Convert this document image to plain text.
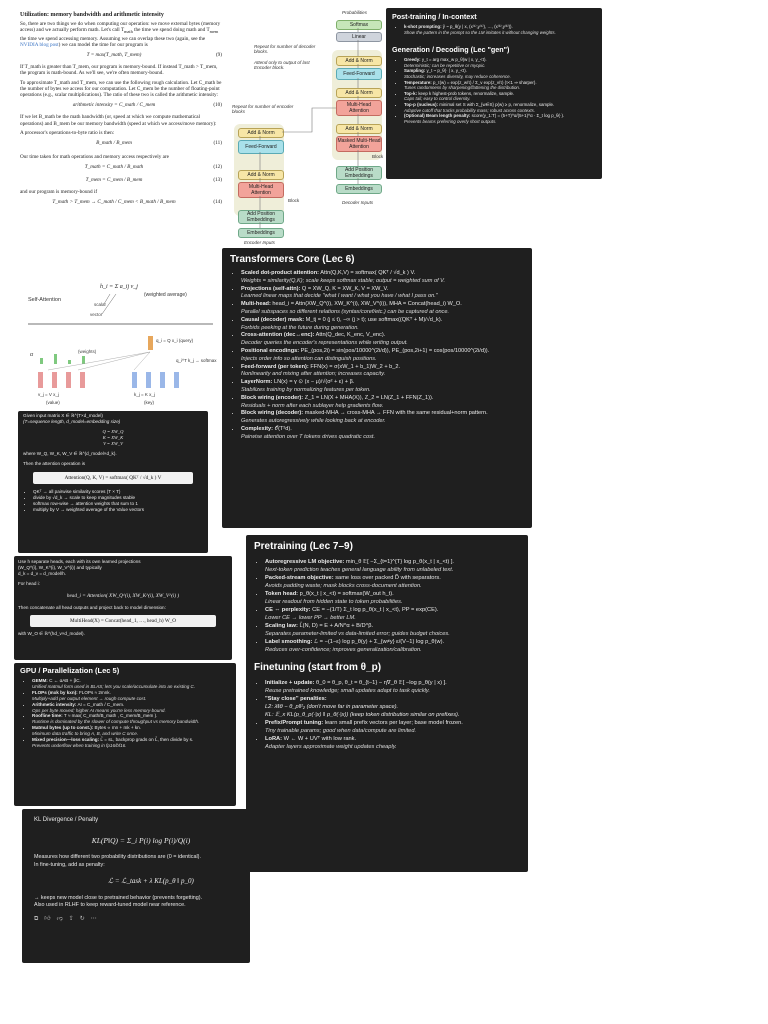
Utilization: memory bandwidth and arithmetic intensity

So, there are two things we do when computing our operation: we move external bytes (memory access) and we actually perform math. Let's call $T_{math}$ the time we spend doing math and $T_{mem}$ the time we spend accessing memory. Assuming we can overlap these two (again, see the NVIDIA blog post) we can model the time for our program is

T = max(T_math, T_mem)	(9)

If T_math is greater than T_mem, our program is memory-bound. If instead T_math > T_mem, the program is math-bound. As we'll see, we're often memory-bound.

To approximate T_math and T_mem, we can use the following rough calculation. Let C_math be the number of bytes we access for our computation. Let C_mem be the number of floating-point operations (e.g., scalar multiplications). The ratio of these two is called the arithmetic intensity:

arithmetic intensity = C_math / C_mem	(10)

If we let B_math be the math bandwidth (or, speed at which we compute mathematical operations) and B_mem be our memory bandwidth (speed at which we access/move memory):

A processor's operations-to-byte ratio is then:

B_math / B_mem	(11)

Our time taken for math operations and memory access respectively are

T_math = C_math / B_math	(12)
T_mem = C_mem / B_mem	(13)

and our program is memory-bound if

T_math > T_mem → C_math / C_mem < B_math / B_mem	(14)
Self-Attention
h_i = Σ a_ij v_j
(weighted average)
scalar
vector
(weights)
q_i = Q x_i (query)
q_i^T k_j → softmax
α
v_j = V x_j
(value)
k_j = K x_j
(key)
Given input matrix X ∈ ℝ^(T×d_model)
(T=sequence length, d_model=embedding size)
Q = XW_Q
K = XW_K
V = XW_V
where W_Q, W_K, W_V ∈ ℝ^(d_model×d_k).
Then the attention operation is
Attention(Q, K, V) = softmax( QKᵀ / √d_k ) V
• QKᵀ → all pairwise similarity scores (T × T)
• divide by √d_k → scale to keep magnitudes stable
• softmax row-wise → attention weights that sum to 1
• multiply by V → weighted average of the Value vectors
Use h separate heads, each with its own learned projections
(W_Q^(i), W_K^(i), W_V^(i)) and typically
d_k = d_v = d_model/h.
For head i:
head_i = Attention( XW_Q^(i), XW_K^(i), XW_V^(i) )
Then concatenate all head outputs and project back to model dimension:
MultiHead(X) = Concat(head_1, …, head_h) W_O
with W_O ∈ ℝ^(hd_v×d_model).
GPU / Parallelization (Lec 5)
• GEMM: C ← αAB + βC.
Unified matmul form used in BLAS; lets you scale/accumulate into an existing C.
• FLOPs (mxk by kxn): FLOPs ≈ 2mnk.
Multiply+add per output element → rough compute cost.
• Arithmetic intensity: AI = C_math / C_mem.
Ops per byte moved; higher AI means you're less memory-bound.
• Roofline time: T ≈ max( C_math/B_math , C_mem/B_mem ).
Runtime is dominated by the slower of compute throughput vs memory bandwidth.
• Matmul bytes (up to const.): Bytes ∝ mn + mk + kn.
Minimum data traffic to bring A, B, and write C once.
• Mixed precision—loss scaling: L̃ = sL, backprop grads on L̃, then divide by s.
Prevents underflow when training in fp16/bf16.
KL Divergence / Penalty
KL(P‖Q) = Σ_i P(i) log P(i)/Q(i)
Measures how different two probability distributions are (0 = identical).
In fine-tuning, add as penalty:
ℒ = ℒ_task + λ KL(p_θ ‖ p_0)
→ keeps new model close to pretrained behavior (prevents forgetting).
Also used in RLHF to keep reward-tuned model near reference.
⧉ 👍︎ 👎︎ ⇪ ↻ ⋯
Probabilities
Softmax
Linear
Add & Norm
Feed-Forward
Add & Norm
Multi-Head Attention
Add & Norm
Masked Multi-Head Attention
Block
Add Position Embeddings
Embeddings
Decoder Inputs
Add & Norm
Feed-Forward
Add & Norm
Multi-Head Attention
Block
Add Position Embeddings
Embeddings
Encoder Inputs
Repeat for number of decoder blocks.
Attend only to output of last Encoder block.
Repeat for number of encoder blocks
Post-training / In-context
• k-shot prompting: ŷ ~ p_θ(y | x, (x⁽¹⁾,y⁽¹⁾), …, (x⁽ᵏ⁾,y⁽ᵏ⁾)).
Show the pattern in the prompt so the LM imitates it without changing weights.
Generation / Decoding (Lec "gen")
• Greedy: y_t = arg max_w p_θ(w | x, y_<t).
Deterministic; can be repetitive or myopic.
• Sampling: y_t ~ p_θ(· | x, y_<t).
Stochastic; increases diversity, may reduce coherence.
• Temperature: p_τ(w) = exp(z_w/τ) / Σ_v exp(z_v/τ) (τ<1 ⇒ sharper).
Tunes randomness by sharpening/flattening the distribution.
• Top-k: keep k highest-prob tokens, renormalize, sample.
Caps tail; easy to control diversity.
• Top-p (nucleus): minimal set S with Σ_{w∈S} p(w) ≥ p, renormalize, sample.
Adaptive cutoff that tracks probability mass; robust across contexts.
• (Optional) Beam length penalty: score(y_1:T) = (5+T)^α/(5+1)^α · Σ_t log p_θ(·).
Prevents beams preferring overly short outputs.
Transformers Core (Lec 6)
• Scaled dot-product attention: Attn(Q,K,V) = softmax( QKᵀ / √d_k ) V.
Weights = similarity(Q,K); scale keeps softmax stable; output = weighted sum of V.
• Projections (self-attn): Q = XW_Q, K = XW_K, V = XW_V.
Learned linear maps that decide "what I want / what you have / what I pass on."
• Multi-head: head_i = Attn(XW_Q^(i), XW_K^(i), XW_V^(i)), MHA = Concat(head_i) W_O.
Parallel subspaces so different relations (syntax/coref/etc.) can be captured at once.
• Causal (decoder) mask: M_tj = 0 (j ≤ t), −∞ (j > t); use softmax((QKᵀ + M)/√d_k).
Forbids peeking at the future during generation.
• Cross-attention (dec↔enc): Attn(Q_dec, K_enc, V_enc).
Decoder queries the encoder's representations while writing output.
• Positional encodings: PE_(pos,2i) = sin(pos/10000^(2i/d)), PE_(pos,2i+1) = cos(pos/10000^(2i/d)).
Injects order info so attention can distinguish positions.
• Feed-forward (per token): FFN(x) = σ(xW_1 + b_1)W_2 + b_2.
Nonlinearity and mixing after attention; increases capacity.
• LayerNorm: LN(x) = γ ⊙ (x − μ)/√(σ² + ε) + β.
Stabilizes training by normalizing features per token.
• Block wiring (encoder): Z_1 = LN(X + MHA(X)), Z_2 = LN(Z_1 + FFN(Z_1)).
Residuals + norm after each sublayer help gradients flow.
• Block wiring (decoder): masked-MHA → cross-MHA → FFN with the same residual+norm pattern.
Generates autoregressively while looking back at encoder.
• Complexity: 𝒪(T²d).
Pairwise attention over T tokens drives quadratic cost.
Pretraining (Lec 7–9)
• Autoregressive LM objective: min_θ 𝔼[ −Σ_{t=1}^{T} log p_θ(x_t | x_<t) ].
Next-token prediction teaches general language ability from unlabeled text.
• Packed-stream objective: same loss over packed D̃ with separators.
Avoids padding waste; mask blocks cross-document attention.
• Token head: p_θ(x_t | x_<t) = softmax(W_out h_t).
Linear readout from hidden state to token probabilities.
• CE ⇔ perplexity: CE = −(1/T) Σ_t log p_θ(x_t | x_<t), PP = exp(CE).
Lower CE → lower PP → better LM.
• Scaling law: L̂(N, D) = E + A/N^α + B/D^β.
Separates parameter-limited vs data-limited error; guides budget choices.
• Label smoothing: ℒ = −(1−ε) log p_θ(y) + Σ_{w≠y} ε/(V−1) log p_θ(w).
Reduces over-confidence; improves generalization/calibration.
Finetuning (start from θ_p)
• Initialize + update: θ_0 = θ_p, θ_t = θ_{t−1} − η∇_θ 𝔼[ −log p_θ(y | x) ].
Reuse pretrained knowledge; small updates adapt to task quickly.
• "Stay close" penalties:
L2: λ‖θ − θ_p‖²₂ (don't move far in parameter space).
KL: 𝔼_x KL(p_θ_p(·|x) ‖ p_θ(·|x)) (keep token distribution similar on prefixes).
• Prefix/Prompt tuning: learn small prefix vectors per layer; base model frozen.
Tiny trainable params; good when data/compute are limited.
• LoRA: W ← W + UVᵀ with low rank.
Adapter layers approximate weight updates cheaply.
